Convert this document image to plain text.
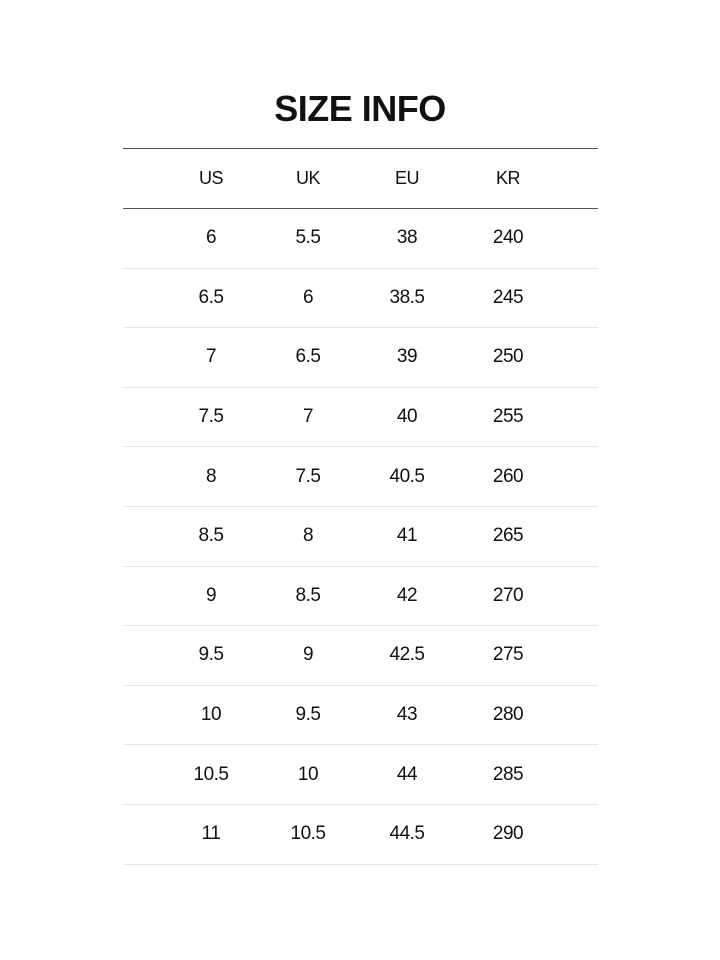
SIZE INFO
US	UK	EU	KR
6	5.5	38	240
6.5	6	38.5	245
7	6.5	39	250
7.5	7	40	255
8	7.5	40.5	260
8.5	8	41	265
9	8.5	42	270
9.5	9	42.5	275
10	9.5	43	280
10.5	10	44	285
11	10.5	44.5	290
